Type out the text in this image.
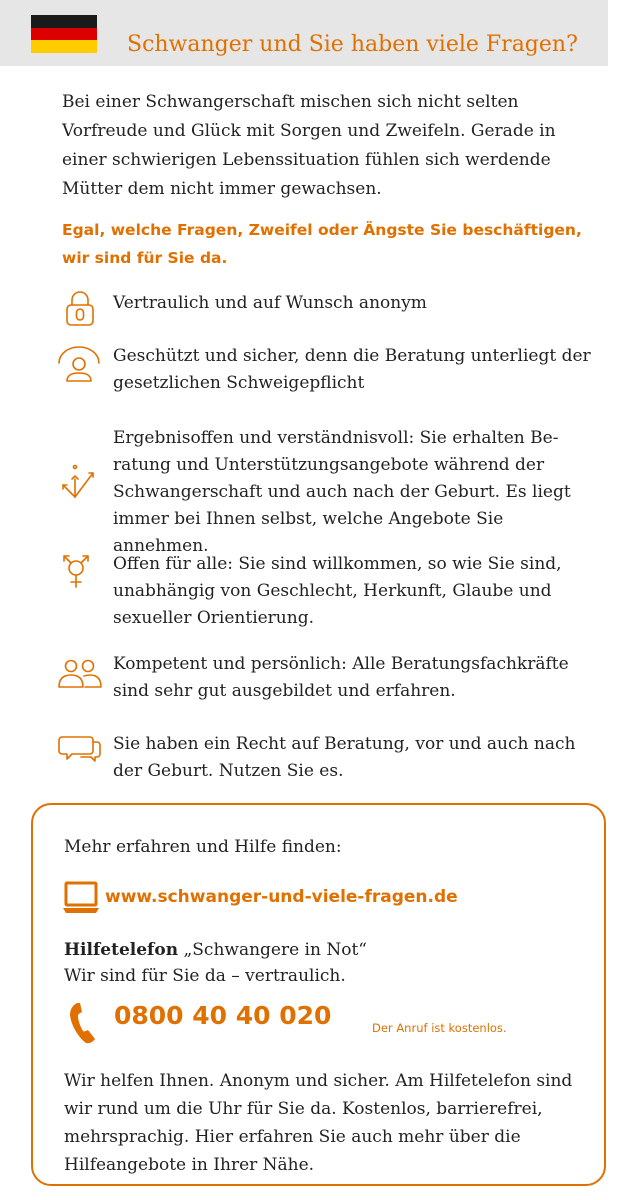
Schwanger und Sie haben viele Fragen?

Bei einer Schwangerschaft mischen sich nicht selten Vorfreude und Glück mit Sorgen und Zweifeln. Gerade in einer schwierigen Lebenssituation fühlen sich werdende Mütter dem nicht immer gewachsen.

Egal, welche Fragen, Zweifel oder Ängste Sie beschäftigen, wir sind für Sie da.

Vertraulich und auf Wunsch anonym

Geschützt und sicher, denn die Beratung unterliegt der gesetzlichen Schweigepflicht

Ergebnisoffen und verständnisvoll: Sie erhalten Beratung und Unterstützungsangebote während der Schwangerschaft und auch nach der Geburt. Es liegt immer bei Ihnen selbst, welche Angebote Sie annehmen.

Offen für alle: Sie sind willkommen, so wie Sie sind, unabhängig von Geschlecht, Herkunft, Glaube und sexueller Orientierung.

Kompetent und persönlich: Alle Beratungsfachkräfte sind sehr gut ausgebildet und erfahren.

Sie haben ein Recht auf Beratung, vor und auch nach der Geburt. Nutzen Sie es.

Mehr erfahren und Hilfe finden:

www.schwanger-und-viele-fragen.de
Hilfetelefon „Schwangere in Not“
Wir sind für Sie da – vertraulich.
0800 40 40 020	Der Anruf ist kostenlos.

Wir helfen Ihnen. Anonym und sicher. Am Hilfetelefon sind wir rund um die Uhr für Sie da. Kostenlos, barrierefrei, mehrsprachig. Hier erfahren Sie auch mehr über die Hilfeangebote in Ihrer Nähe.
